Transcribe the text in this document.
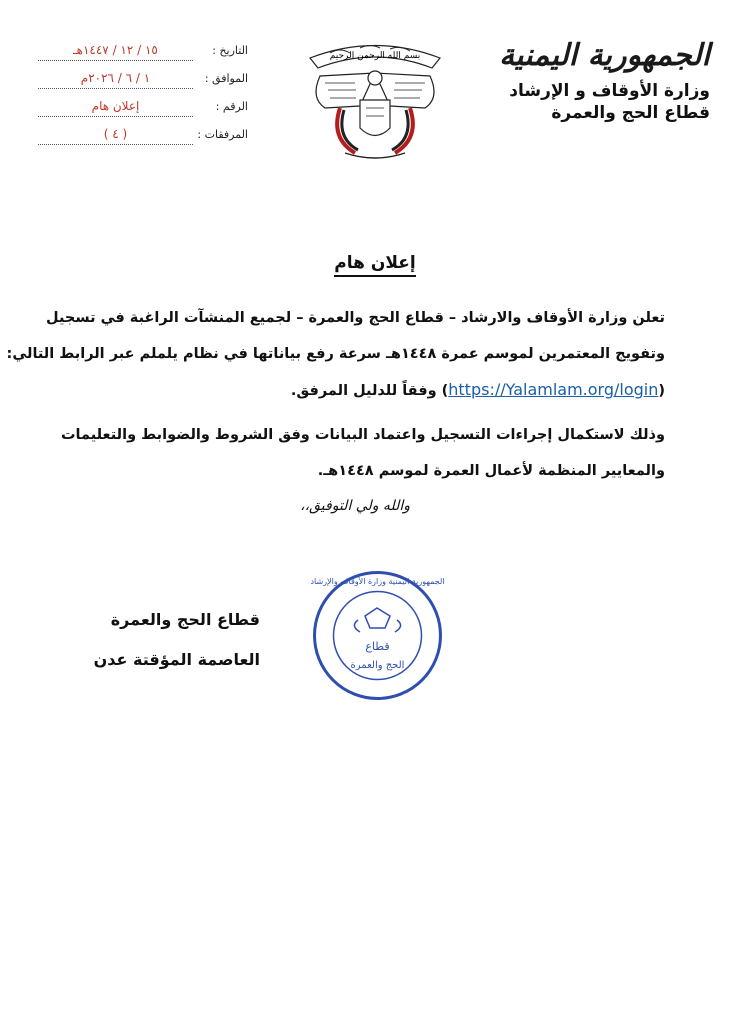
الجمهورية اليمنية
وزارة الأوقاف و الإرشاد
قطاع الحج والعمرة
بسم الله الرحمن الرحيم
التاريخ :
١٥ / ١٢ / ١٤٤٧هـ
الموافق :
١ / ٦ / ٢٠٢٦م
الرقم :
إعلان هام
المرفقات :
( ٤ )
إعلان هام
تعلن وزارة الأوقاف والارشاد – قطاع الحج والعمرة – لجميع المنشآت الراغبة في تسجيل
وتفويج المعتمرين لموسم عمرة ١٤٤٨هـ سرعة رفع بياناتها في نظام يلملم عبر الرابط التالي:
(https://Yalamlam.org/login) وفقاً للدليل المرفق.
وذلك لاستكمال إجراءات التسجيل واعتماد البيانات وفق الشروط والضوابط والتعليمات
والمعايير المنظمة لأعمال العمرة لموسم ١٤٤٨هـ.
والله ولي التوفيق،،
قطاع
الحج والعمرة
الجمهورية اليمنية وزارة الأوقاف والإرشاد
قطاع الحج والعمرة
العاصمة المؤقتة عدن
